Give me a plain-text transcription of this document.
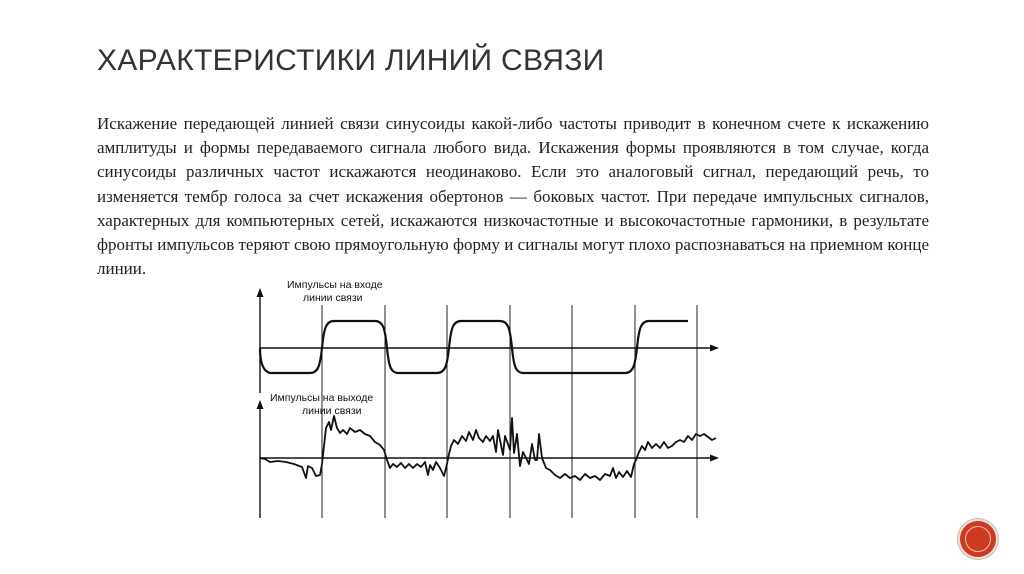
ХАРАКТЕРИСТИКИ ЛИНИЙ СВЯЗИ

Искажение передающей линией связи синусоиды какой-либо частоты приводит в конечном счете к искажению амплитуды и формы передаваемого сигнала любого вида. Искажения формы проявляются в том случае, когда синусоиды различных частот искажаются неодинаково. Если это аналоговый сигнал, передающий речь, то изменяется тембр голоса за счет искажения обертонов — боковых частот. При передаче импульсных сигналов, характерных для компьютерных сетей, искажаются низкочастотные и высокочастотные гармоники, в результате фронты импульсов теряют свою прямоугольную форму и сигналы могут плохо распознаваться на приемном конце линии.

Импульсы на входе
линии связи
Импульсы на выходе
линии связи
